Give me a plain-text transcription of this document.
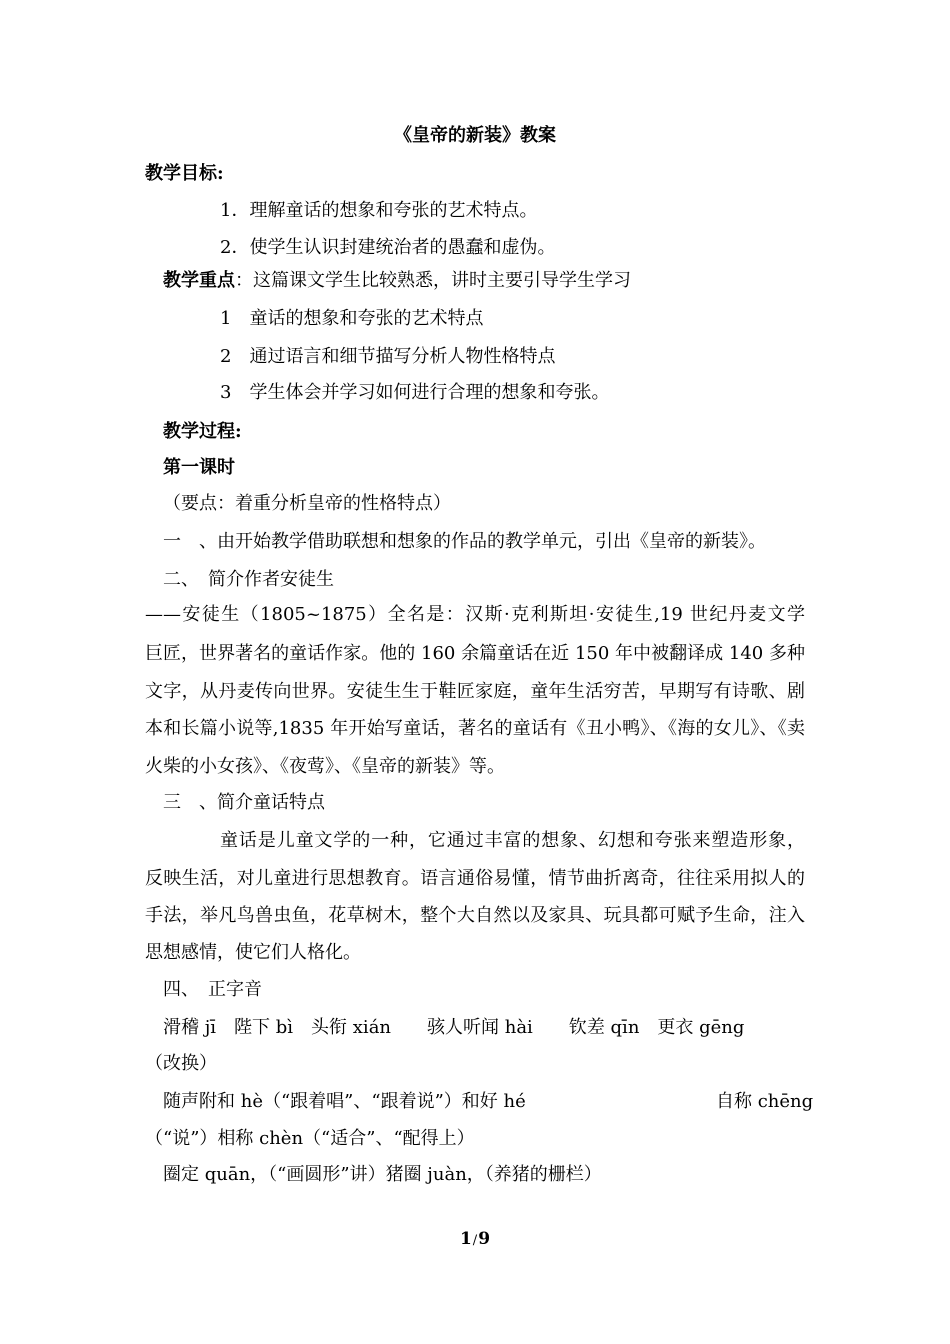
《皇帝的新装》教案
教学目标:
1．理解童话的想象和夸张的艺术特点。
2．使学生认识封建统治者的愚蠢和虚伪。
教学重点：这篇课文学生比较熟悉，讲时主要引导学生学习
1　童话的想象和夸张的艺术特点
2　通过语言和细节描写分析人物性格特点
3　学生体会并学习如何进行合理的想象和夸张。
教学过程:
第一课时
（要点：着重分析皇帝的性格特点）
一　、由开始教学借助联想和想象的作品的教学单元，引出《皇帝的新装》。
二、　简介作者安徒生
——安徒生（1805~1875）全名是：汉斯·克利斯坦·安徒生,19 世纪丹麦文学
巨匠，世界著名的童话作家。他的 160 余篇童话在近 150 年中被翻译成 140 多种
文字，从丹麦传向世界。安徒生生于鞋匠家庭，童年生活穷苦，早期写有诗歌、剧
本和长篇小说等,1835 年开始写童话，著名的童话有《丑小鸭》、《海的女儿》、《卖
火柴的小女孩》、《夜莺》、《皇帝的新装》等。
三　、简介童话特点
童话是儿童文学的一种，它通过丰富的想象、幻想和夸张来塑造形象，
反映生活，对儿童进行思想教育。语言通俗易懂，情节曲折离奇，往往采用拟人的
手法，举凡鸟兽虫鱼，花草树木，整个大自然以及家具、玩具都可赋予生命，注入
思想感情，使它们人格化。
四、　正字音
滑稽 jī　陛下 bì　头衔 xián　　骇人听闻 hài　　钦差 qīn　更衣 gēng
（改换）
随声附和 hè（“跟着唱”、“跟着说”）和好 hé	自称 chēng
（“说”）相称 chèn（“适合”、“配得上）
圈定 quān，（“画圆形”讲）猪圈 juàn，（养猪的栅栏）
1/9
